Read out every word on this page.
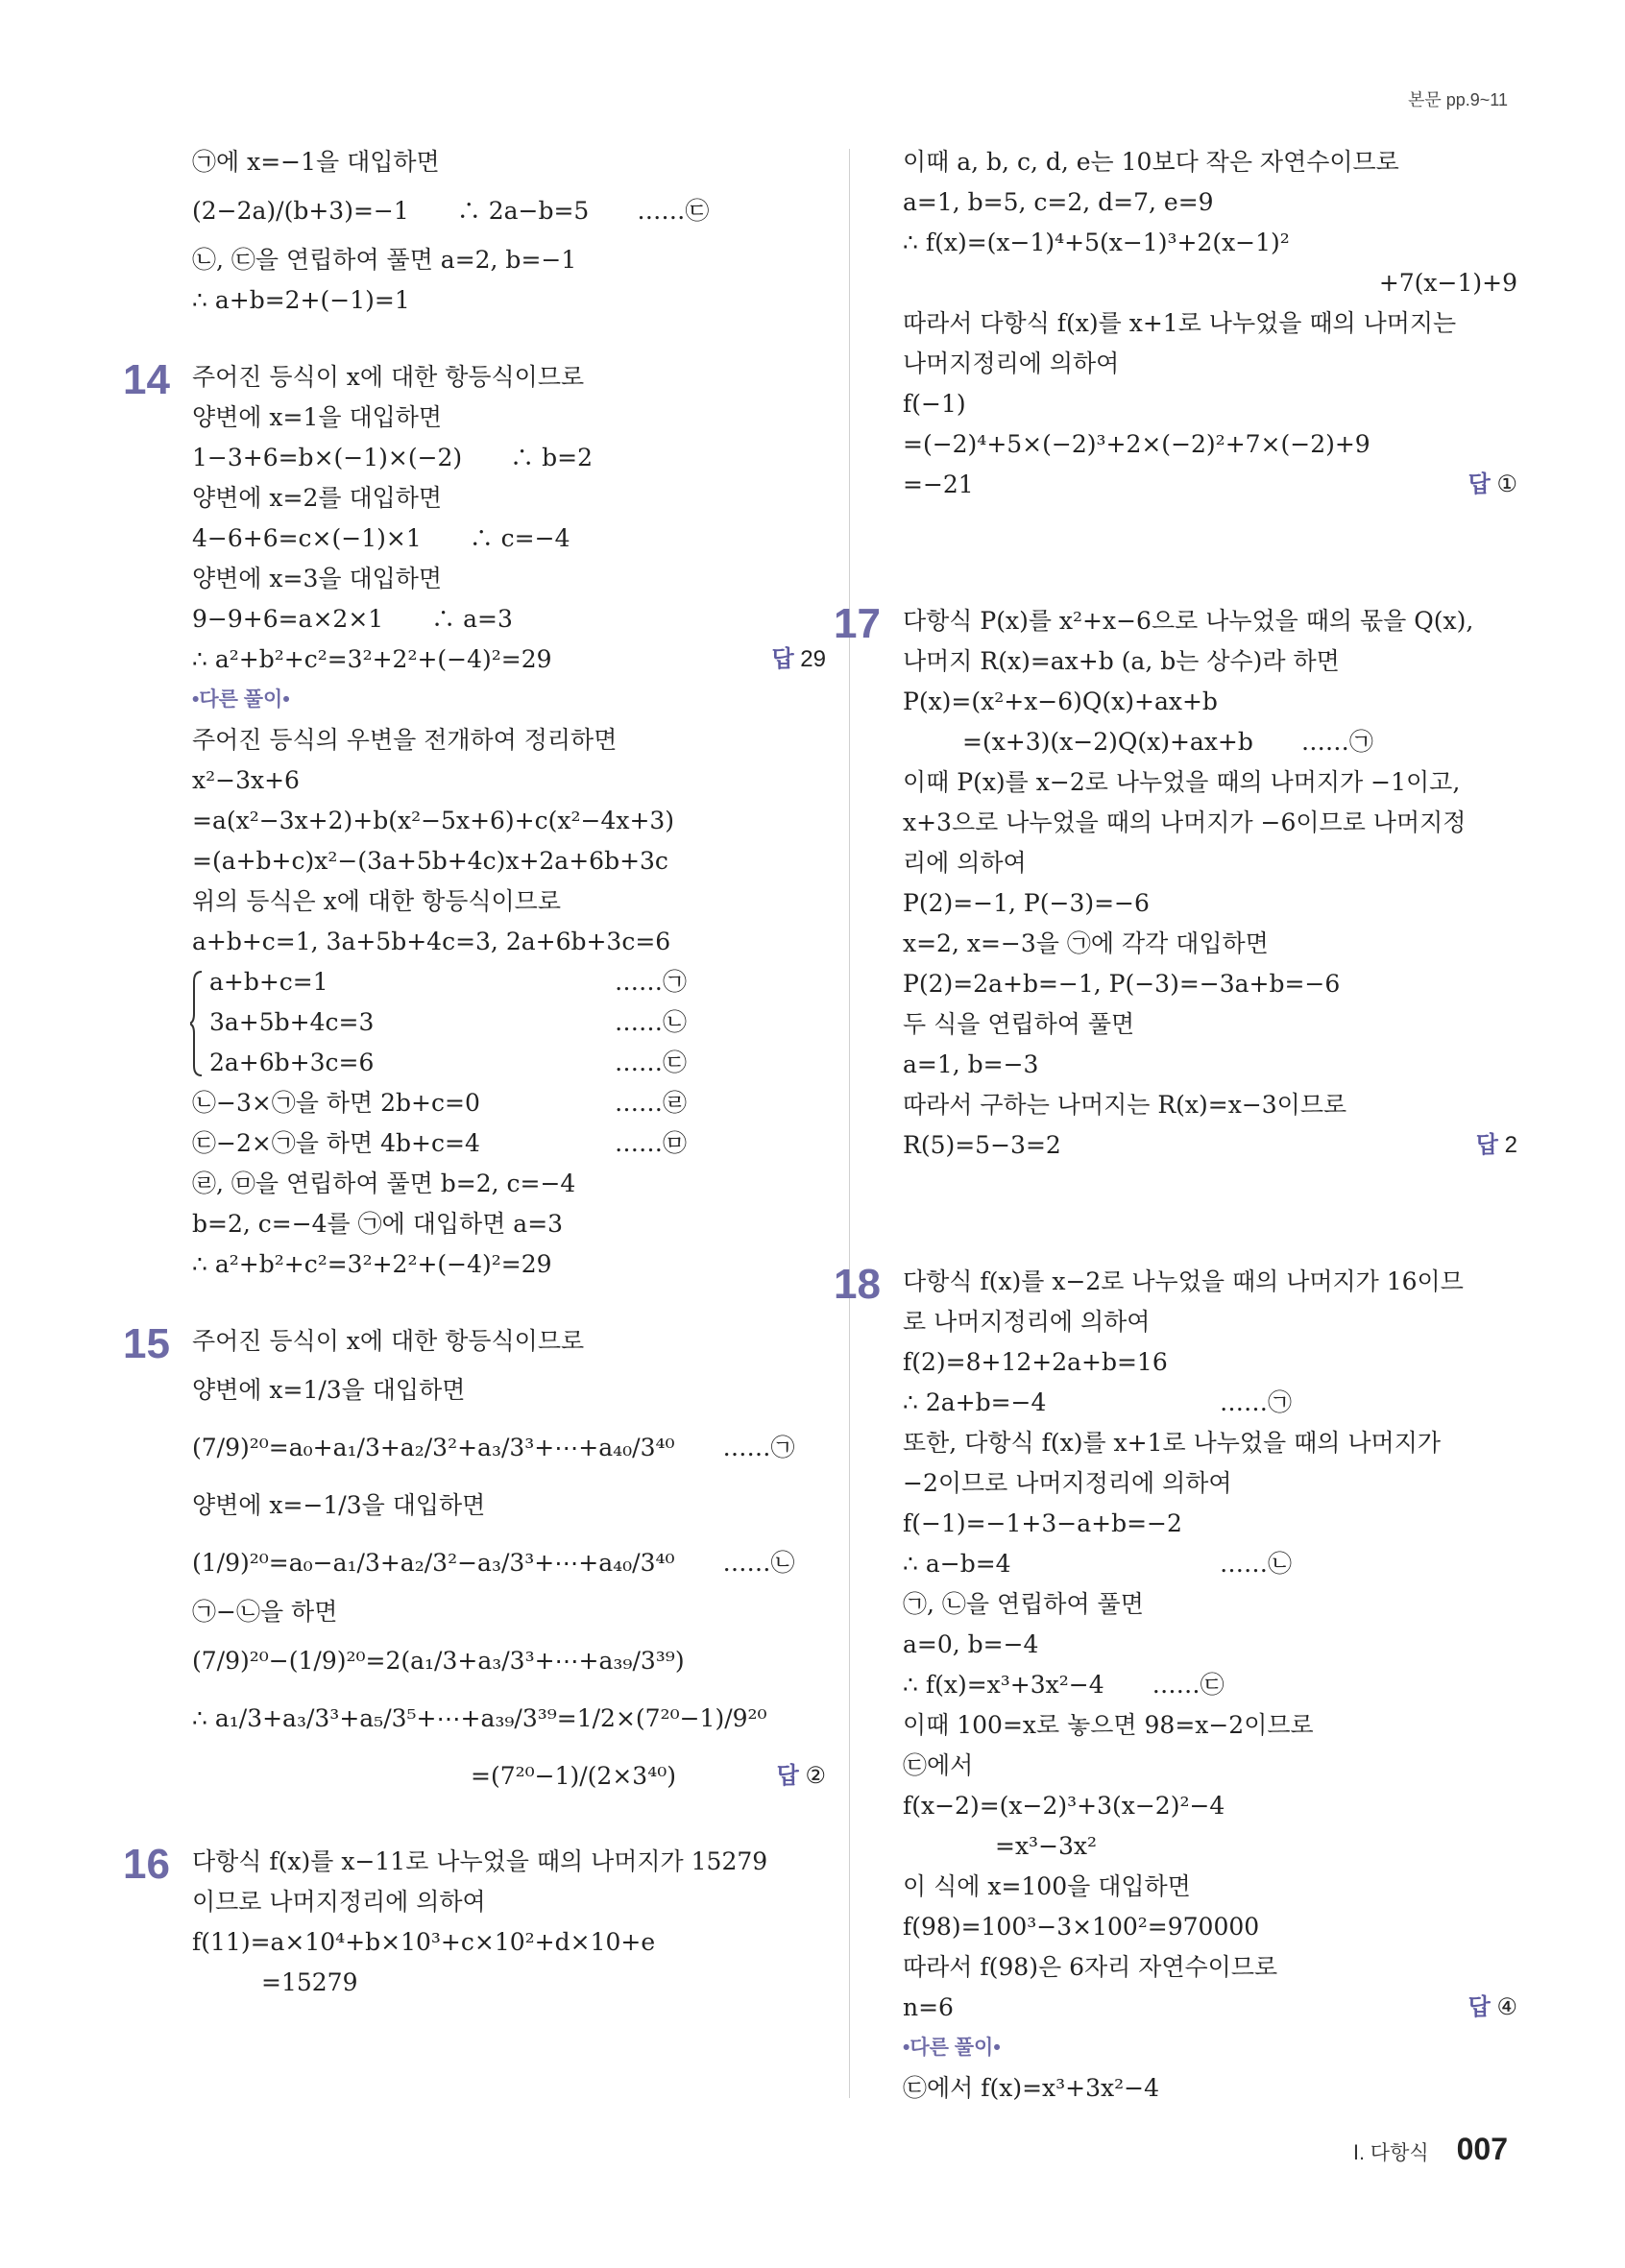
본문 pp.9~11
㉠에 x=−1을 대입하면
(2−2a)/(b+3)=−1　　∴ 2a−b=5　　……㉢
㉡, ㉢을 연립하여 풀면 a=2, b=−1
∴ a+b=2+(−1)=1
14 주어진 등식이 x에 대한 항등식이므로
양변에 x=1을 대입하면
1−3+6=b×(−1)×(−2)　　∴ b=2
양변에 x=2를 대입하면
4−6+6=c×(−1)×1　　∴ c=−4
양변에 x=3을 대입하면
9−9+6=a×2×1　　∴ a=3
∴ a²+b²+c²=3²+2²+(−4)²=29	답 29
•다른 풀이•
주어진 등식의 우변을 전개하여 정리하면
x²−3x+6
=a(x²−3x+2)+b(x²−5x+6)+c(x²−4x+3)
=(a+b+c)x²−(3a+5b+4c)x+2a+6b+3c
위의 등식은 x에 대한 항등식이므로
a+b+c=1, 3a+5b+4c=3, 2a+6b+3c=6
a+b+c=1	……㉠
3a+5b+4c=3	……㉡
2a+6b+3c=6	……㉢
㉡−3×㉠을 하면 2b+c=0	……㉣
㉢−2×㉠을 하면 4b+c=4	……㉤
㉣, ㉤을 연립하여 풀면 b=2, c=−4
b=2, c=−4를 ㉠에 대입하면 a=3
∴ a²+b²+c²=3²+2²+(−4)²=29
15 주어진 등식이 x에 대한 항등식이므로
양변에 x=1/3을 대입하면
(7/9)²⁰=a₀+a₁/3+a₂/3²+a₃/3³+⋯+a₄₀/3⁴⁰　　……㉠
양변에 x=−1/3을 대입하면
(1/9)²⁰=a₀−a₁/3+a₂/3²−a₃/3³+⋯+a₄₀/3⁴⁰　　……㉡
㉠−㉡을 하면
(7/9)²⁰−(1/9)²⁰=2(a₁/3+a₃/3³+⋯+a₃₉/3³⁹)
∴ a₁/3+a₃/3³+a₅/3⁵+⋯+a₃₉/3³⁹=1/2×(7²⁰−1)/9²⁰
=(7²⁰−1)/(2×3⁴⁰)	답 ②
16 다항식 f(x)를 x−11로 나누었을 때의 나머지가 15279
이므로 나머지정리에 의하여
f(11)=a×10⁴+b×10³+c×10²+d×10+e
=15279
이때 a, b, c, d, e는 10보다 작은 자연수이므로
a=1, b=5, c=2, d=7, e=9
∴ f(x)=(x−1)⁴+5(x−1)³+2(x−1)²
+7(x−1)+9
따라서 다항식 f(x)를 x+1로 나누었을 때의 나머지는
나머지정리에 의하여
f(−1)
=(−2)⁴+5×(−2)³+2×(−2)²+7×(−2)+9
=−21	답 ①
17 다항식 P(x)를 x²+x−6으로 나누었을 때의 몫을 Q(x),
나머지 R(x)=ax+b (a, b는 상수)라 하면
P(x)=(x²+x−6)Q(x)+ax+b
=(x+3)(x−2)Q(x)+ax+b　　……㉠
이때 P(x)를 x−2로 나누었을 때의 나머지가 −1이고,
x+3으로 나누었을 때의 나머지가 −6이므로 나머지정
리에 의하여
P(2)=−1, P(−3)=−6
x=2, x=−3을 ㉠에 각각 대입하면
P(2)=2a+b=−1, P(−3)=−3a+b=−6
두 식을 연립하여 풀면
a=1, b=−3
따라서 구하는 나머지는 R(x)=x−3이므로
R(5)=5−3=2	답 2
18 다항식 f(x)를 x−2로 나누었을 때의 나머지가 16이므
로 나머지정리에 의하여
f(2)=8+12+2a+b=16
∴ 2a+b=−4	……㉠
또한, 다항식 f(x)를 x+1로 나누었을 때의 나머지가
−2이므로 나머지정리에 의하여
f(−1)=−1+3−a+b=−2
∴ a−b=4	……㉡
㉠, ㉡을 연립하여 풀면
a=0, b=−4
∴ f(x)=x³+3x²−4　　……㉢
이때 100=x로 놓으면 98=x−2이므로
㉢에서
f(x−2)=(x−2)³+3(x−2)²−4
=x³−3x²
이 식에 x=100을 대입하면
f(98)=100³−3×100²=970000
따라서 f(98)은 6자리 자연수이므로
n=6	답 ④
•다른 풀이•
㉢에서 f(x)=x³+3x²−4
Ⅰ. 다항식 007
